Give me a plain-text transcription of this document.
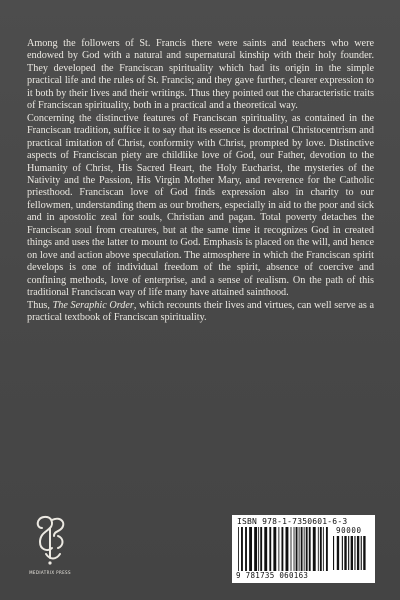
Among the followers of St. Francis there were saints and teachers who were endowed by God with a natural and supernatural kinship with their holy founder. They developed the Franciscan spirituality which had its origin in the simple practical life and the rules of St. Francis; and they gave further, clearer expression to it both by their lives and their writings. Thus they pointed out the characteristic traits of Franciscan spirituality, both in a practical and a theoretical way.

Concerning the distinctive features of Franciscan spirituality, as contained in the Franciscan tradition, suffice it to say that its essence is doctrinal Christocentrism and practical imitation of Christ, conformity with Christ, prompted by love. Distinctive aspects of Franciscan piety are childlike love of God, our Father, devotion to the Humanity of Christ, His Sacred Heart, the Holy Eucharist, the mysteries of the Nativity and the Passion, His Virgin Mother Mary, and reverence for the Catholic priesthood. Franciscan love of God finds expression also in charity to our fellowmen, understanding them as our brothers, especially in aid to the poor and sick and in apostolic zeal for souls, Christian and pagan. Total poverty detaches the Franciscan soul from creatures, but at the same time it recognizes God in created things and uses the latter to mount to God. Emphasis is placed on the will, and hence on love and action above speculation. The atmosphere in which the Franciscan spirit develops is one of individual freedom of the spirit, absence of coercive and confining methods, love of enterprise, and a sense of realism. On the path of this traditional Franciscan way of life many have attained sainthood.

Thus, The Seraphic Order, which recounts their lives and virtues, can well serve as a practical textbook of Franciscan spirituality.

MEDIATRIX PRESS
ISBN 978-1-7350601-6-3
90000
9 781735 060163
